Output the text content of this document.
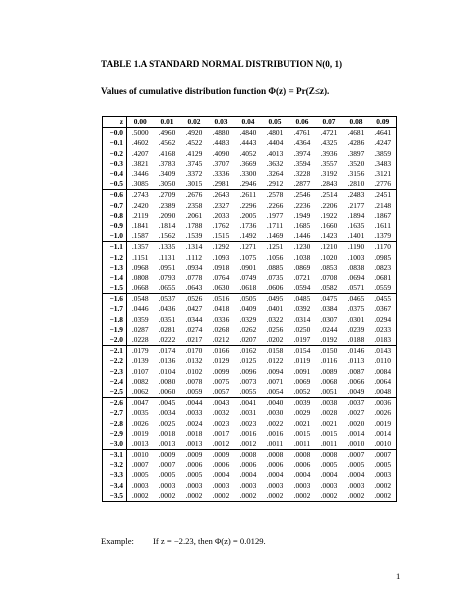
TABLE 1.A STANDARD NORMAL DISTRIBUTION N(0, 1)
Values of cumulative distribution function Φ(z) = Pr(Z≤z).
z	0.00	0.01	0.02	0.03	0.04	0.05	0.06	0.07	0.08	0.09
−0.0	.5000	.4960	.4920	.4880	.4840	.4801	.4761	.4721	.4681	.4641
−0.1	.4602	.4562	.4522	.4483	.4443	.4404	.4364	.4325	.4286	.4247
−0.2	.4207	.4168	.4129	.4090	.4052	.4013	.3974	.3936	.3897	.3859
−0.3	.3821	.3783	.3745	.3707	.3669	.3632	.3594	.3557	.3520	.3483
−0.4	.3446	.3409	.3372	.3336	.3300	.3264	.3228	.3192	.3156	.3121
−0.5	.3085	.3050	.3015	.2981	.2946	.2912	.2877	.2843	.2810	.2776
−0.6	.2743	.2709	.2676	.2643	.2611	.2578	.2546	.2514	.2483	.2451
−0.7	.2420	.2389	.2358	.2327	.2296	.2266	.2236	.2206	.2177	.2148
−0.8	.2119	.2090	.2061	.2033	.2005	.1977	.1949	.1922	.1894	.1867
−0.9	.1841	.1814	.1788	.1762	.1736	.1711	.1685	.1660	.1635	.1611
−1.0	.1587	.1562	.1539	.1515	.1492	.1469	.1446	.1423	.1401	.1379
−1.1	.1357	.1335	.1314	.1292	.1271	.1251	.1230	.1210	.1190	.1170
−1.2	.1151	.1131	.1112	.1093	.1075	.1056	.1038	.1020	.1003	.0985
−1.3	.0968	.0951	.0934	.0918	.0901	.0885	.0869	.0853	.0838	.0823
−1.4	.0808	.0793	.0778	.0764	.0749	.0735	.0721	.0708	.0694	.0681
−1.5	.0668	.0655	.0643	.0630	.0618	.0606	.0594	.0582	.0571	.0559
−1.6	.0548	.0537	.0526	.0516	.0505	.0495	.0485	.0475	.0465	.0455
−1.7	.0446	.0436	.0427	.0418	.0409	.0401	.0392	.0384	.0375	.0367
−1.8	.0359	.0351	.0344	.0336	.0329	.0322	.0314	.0307	.0301	.0294
−1.9	.0287	.0281	.0274	.0268	.0262	.0256	.0250	.0244	.0239	.0233
−2.0	.0228	.0222	.0217	.0212	.0207	.0202	.0197	.0192	.0188	.0183
−2.1	.0179	.0174	.0170	.0166	.0162	.0158	.0154	.0150	.0146	.0143
−2.2	.0139	.0136	.0132	.0129	.0125	.0122	.0119	.0116	.0113	.0110
−2.3	.0107	.0104	.0102	.0099	.0096	.0094	.0091	.0089	.0087	.0084
−2.4	.0082	.0080	.0078	.0075	.0073	.0071	.0069	.0068	.0066	.0064
−2.5	.0062	.0060	.0059	.0057	.0055	.0054	.0052	.0051	.0049	.0048
−2.6	.0047	.0045	.0044	.0043	.0041	.0040	.0039	.0038	.0037	.0036
−2.7	.0035	.0034	.0033	.0032	.0031	.0030	.0029	.0028	.0027	.0026
−2.8	.0026	.0025	.0024	.0023	.0023	.0022	.0021	.0021	.0020	.0019
−2.9	.0019	.0018	.0018	.0017	.0016	.0016	.0015	.0015	.0014	.0014
−3.0	.0013	.0013	.0013	.0012	.0012	.0011	.0011	.0011	.0010	.0010
−3.1	.0010	.0009	.0009	.0009	.0008	.0008	.0008	.0008	.0007	.0007
−3.2	.0007	.0007	.0006	.0006	.0006	.0006	.0006	.0005	.0005	.0005
−3.3	.0005	.0005	.0005	.0004	.0004	.0004	.0004	.0004	.0004	.0003
−3.4	.0003	.0003	.0003	.0003	.0003	.0003	.0003	.0003	.0003	.0002
−3.5	.0002	.0002	.0002	.0002	.0002	.0002	.0002	.0002	.0002	.0002
Example: If z = −2.23, then Φ(z) = 0.0129.
1
